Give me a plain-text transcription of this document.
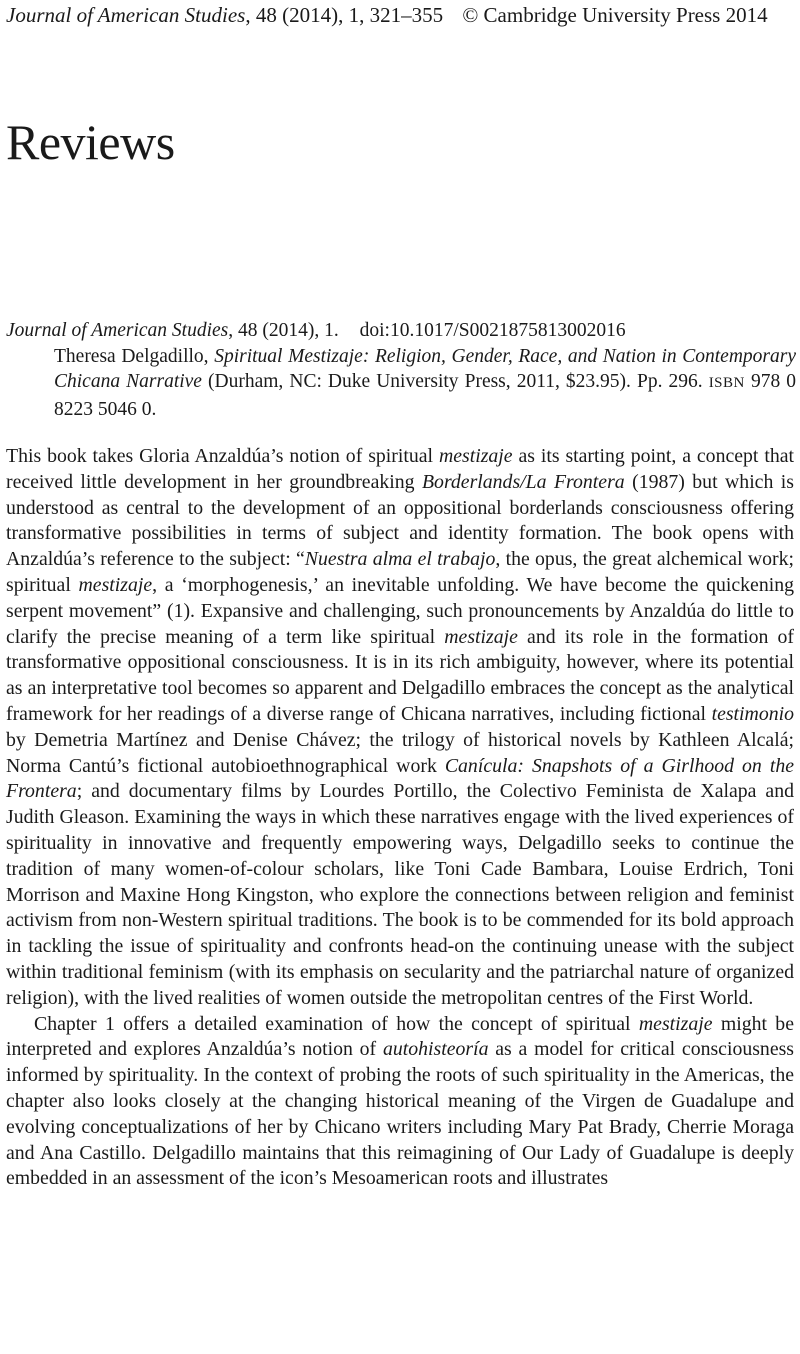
Journal of American Studies, 48 (2014), 1, 321–355 © Cambridge University Press 2014
Reviews
Journal of American Studies, 48 (2014), 1. doi:10.1017/S0021875813002016

Theresa Delgadillo, Spiritual Mestizaje: Religion, Gender, Race, and Nation in Contemporary Chicana Narrative (Durham, NC: Duke University Press, 2011, $23.95). Pp. 296. ISBN 978 0 8223 5046 0.

This book takes Gloria Anzaldúa’s notion of spiritual mestizaje as its starting point, a concept that received little development in her groundbreaking Borderlands/La Frontera (1987) but which is understood as central to the development of an oppositional borderlands consciousness offering transformative possibilities in terms of subject and identity formation. The book opens with Anzaldúa’s reference to the subject: “Nuestra alma el trabajo, the opus, the great alchemical work; spiritual mestizaje, a ‘morphogenesis,’ an inevitable unfolding. We have become the quickening serpent movement” (1). Expansive and challenging, such pronouncements by Anzaldúa do little to clarify the precise meaning of a term like spiritual mestizaje and its role in the formation of transformative oppositional consciousness. It is in its rich ambiguity, however, where its potential as an interpretative tool becomes so apparent and Delgadillo embraces the concept as the analytical framework for her readings of a diverse range of Chicana narratives, including fictional testimonio by Demetria Martínez and Denise Chávez; the trilogy of historical novels by Kathleen Alcalá; Norma Cantú’s fictional autobioethnographical work Canícula: Snapshots of a Girlhood on the Frontera; and documentary films by Lourdes Portillo, the Colectivo Feminista de Xalapa and Judith Gleason. Examining the ways in which these narratives engage with the lived experiences of spirituality in innovative and frequently empowering ways, Delgadillo seeks to continue the tradition of many women-of-colour scholars, like Toni Cade Bambara, Louise Erdrich, Toni Morrison and Maxine Hong Kingston, who explore the connections between religion and feminist activism from non-Western spiritual traditions. The book is to be commended for its bold approach in tackling the issue of spirituality and confronts head-on the continuing unease with the subject within traditional feminism (with its emphasis on secularity and the patriarchal nature of organized religion), with the lived realities of women outside the metropolitan centres of the First World.

Chapter 1 offers a detailed examination of how the concept of spiritual mestizaje might be interpreted and explores Anzaldúa’s notion of autohisteoría as a model for critical consciousness informed by spirituality. In the context of probing the roots of such spirituality in the Americas, the chapter also looks closely at the changing historical meaning of the Virgen de Guadalupe and evolving conceptualizations of her by Chicano writers including Mary Pat Brady, Cherrie Moraga and Ana Castillo. Delgadillo maintains that this reimagining of Our Lady of Guadalupe is deeply embedded in an assessment of the icon’s Mesoamerican roots and illustrates
